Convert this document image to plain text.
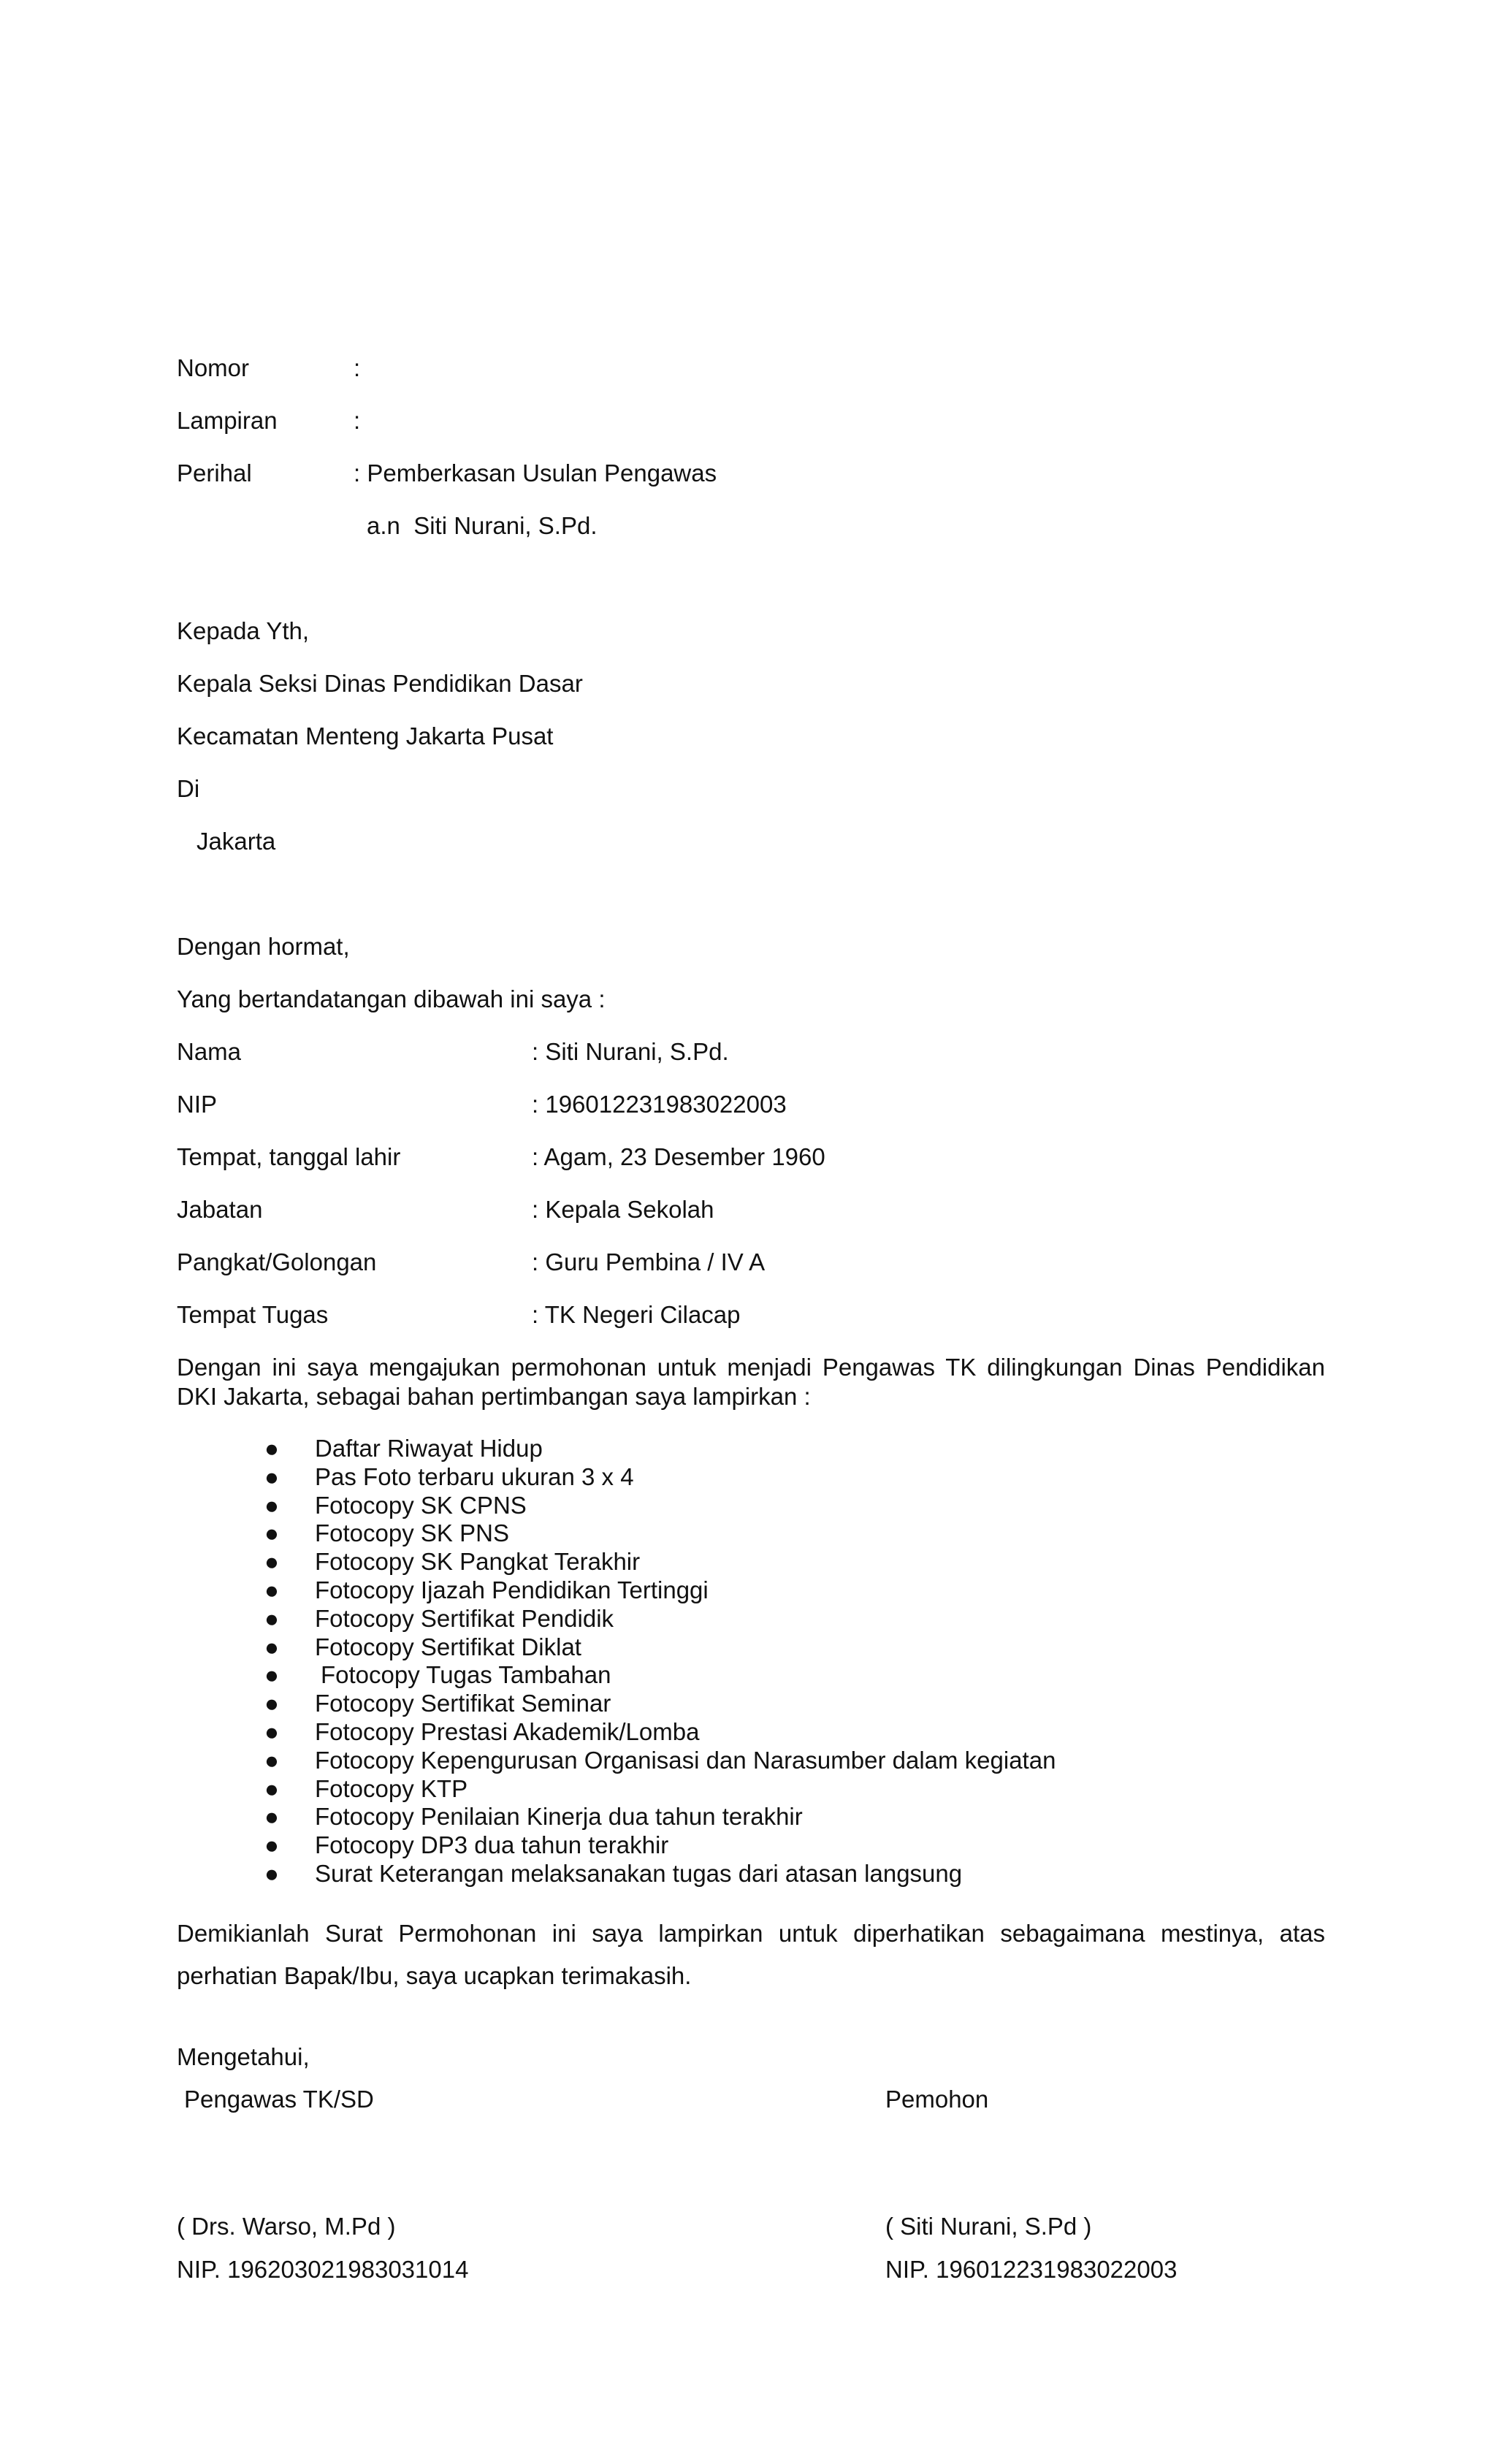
Nomor	:
Lampiran	:
Perihal	: Pemberkasan Usulan Pengawas
a.n  Siti Nurani, S.Pd.
Kepada Yth,
Kepala Seksi Dinas Pendidikan Dasar
Kecamatan Menteng Jakarta Pusat
Di
Jakarta
Dengan hormat,
Yang bertandatangan dibawah ini saya :
Nama	: Siti Nurani, S.Pd.
NIP	: 196012231983022003
Tempat, tanggal lahir	: Agam, 23 Desember 1960
Jabatan	: Kepala Sekolah
Pangkat/Golongan	: Guru Pembina / IV A
Tempat Tugas	: TK Negeri Cilacap
Dengan ini saya mengajukan permohonan untuk menjadi Pengawas TK dilingkungan Dinas Pendidikan DKI Jakarta, sebagai bahan pertimbangan saya lampirkan :
● Daftar Riwayat Hidup
● Pas Foto terbaru ukuran 3 x 4
● Fotocopy SK CPNS
● Fotocopy SK PNS
● Fotocopy SK Pangkat Terakhir
● Fotocopy Ijazah Pendidikan Tertinggi
● Fotocopy Sertifikat Pendidik
● Fotocopy Sertifikat Diklat
● Fotocopy Tugas Tambahan
● Fotocopy Sertifikat Seminar
● Fotocopy Prestasi Akademik/Lomba
● Fotocopy Kepengurusan Organisasi dan Narasumber dalam kegiatan
● Fotocopy KTP
● Fotocopy Penilaian Kinerja dua tahun terakhir
● Fotocopy DP3 dua tahun terakhir
● Surat Keterangan melaksanakan tugas dari atasan langsung
Demikianlah Surat Permohonan ini saya lampirkan untuk diperhatikan sebagaimana mestinya, atas perhatian Bapak/Ibu, saya ucapkan terimakasih.
Mengetahui,
Pengawas TK/SD	Pemohon
( Drs. Warso, M.Pd )	( Siti Nurani, S.Pd )
NIP. 196203021983031014	NIP. 196012231983022003
